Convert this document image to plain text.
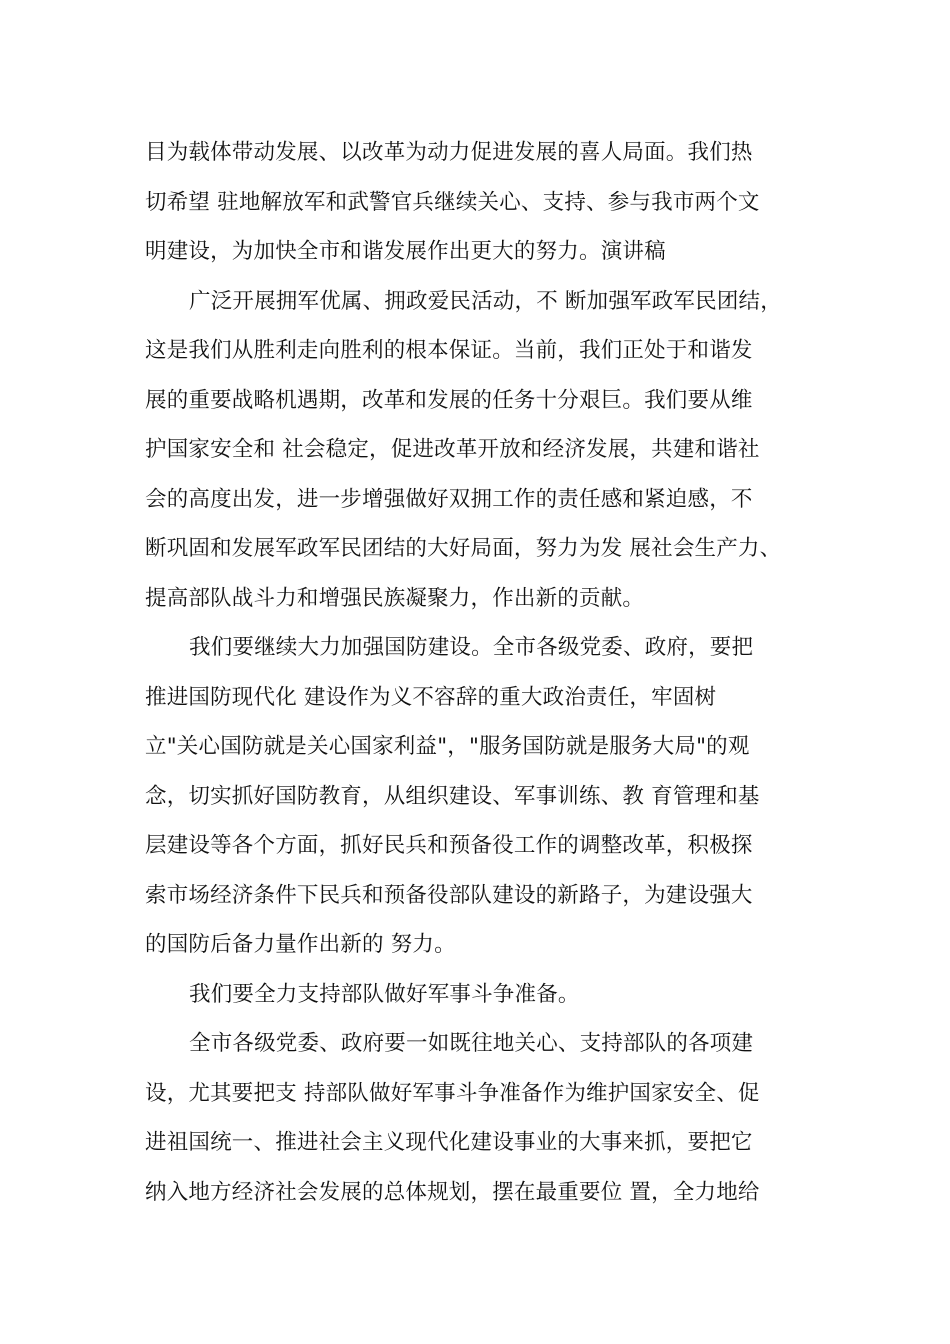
目为载体带动发展、以改革为动力促进发展的喜人局面。我们热
切希望 驻地解放军和武警官兵继续关心、支持、参与我市两个文
明建设，为加快全市和谐发展作出更大的努力。演讲稿
广泛开展拥军优属、拥政爱民活动，不 断加强军政军民团结，
这是我们从胜利走向胜利的根本保证。当前，我们正处于和谐发
展的重要战略机遇期，改革和发展的任务十分艰巨。我们要从维
护国家安全和 社会稳定，促进改革开放和经济发展，共建和谐社
会的高度出发，进一步增强做好双拥工作的责任感和紧迫感，不
断巩固和发展军政军民团结的大好局面，努力为发 展社会生产力、
提高部队战斗力和增强民族凝聚力，作出新的贡献。
我们要继续大力加强国防建设。全市各级党委、政府，要把
推进国防现代化 建设作为义不容辞的重大政治责任，牢固树
立"关心国防就是关心国家利益"，"服务国防就是服务大局"的观
念，切实抓好国防教育，从组织建设、军事训练、教 育管理和基
层建设等各个方面，抓好民兵和预备役工作的调整改革，积极探
索市场经济条件下民兵和预备役部队建设的新路子，为建设强大
的国防后备力量作出新的 努力。
我们要全力支持部队做好军事斗争准备。
全市各级党委、政府要一如既往地关心、支持部队的各项建
设，尤其要把支 持部队做好军事斗争准备作为维护国家安全、促
进祖国统一、推进社会主义现代化建设事业的大事来抓，要把它
纳入地方经济社会发展的总体规划，摆在最重要位 置，全力地给
